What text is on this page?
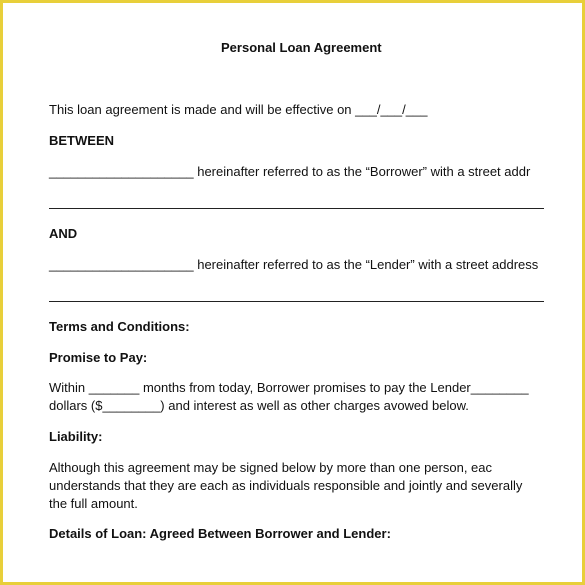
Personal Loan Agreement
This loan agreement is made and will be effective on ___/___/___
BETWEEN
____________________ hereinafter referred to as the “Borrower” with a street addr
AND
____________________ hereinafter referred to as the “Lender” with a street address
Terms and Conditions:
Promise to Pay:
Within _______ months from today, Borrower promises to pay the Lender________
dollars ($________) and interest as well as other charges avowed below.
Liability:
Although this agreement may be signed below by more than one person, eac
understands that they are each as individuals responsible and jointly and severally
the full amount.
Details of Loan: Agreed Between Borrower and Lender:
